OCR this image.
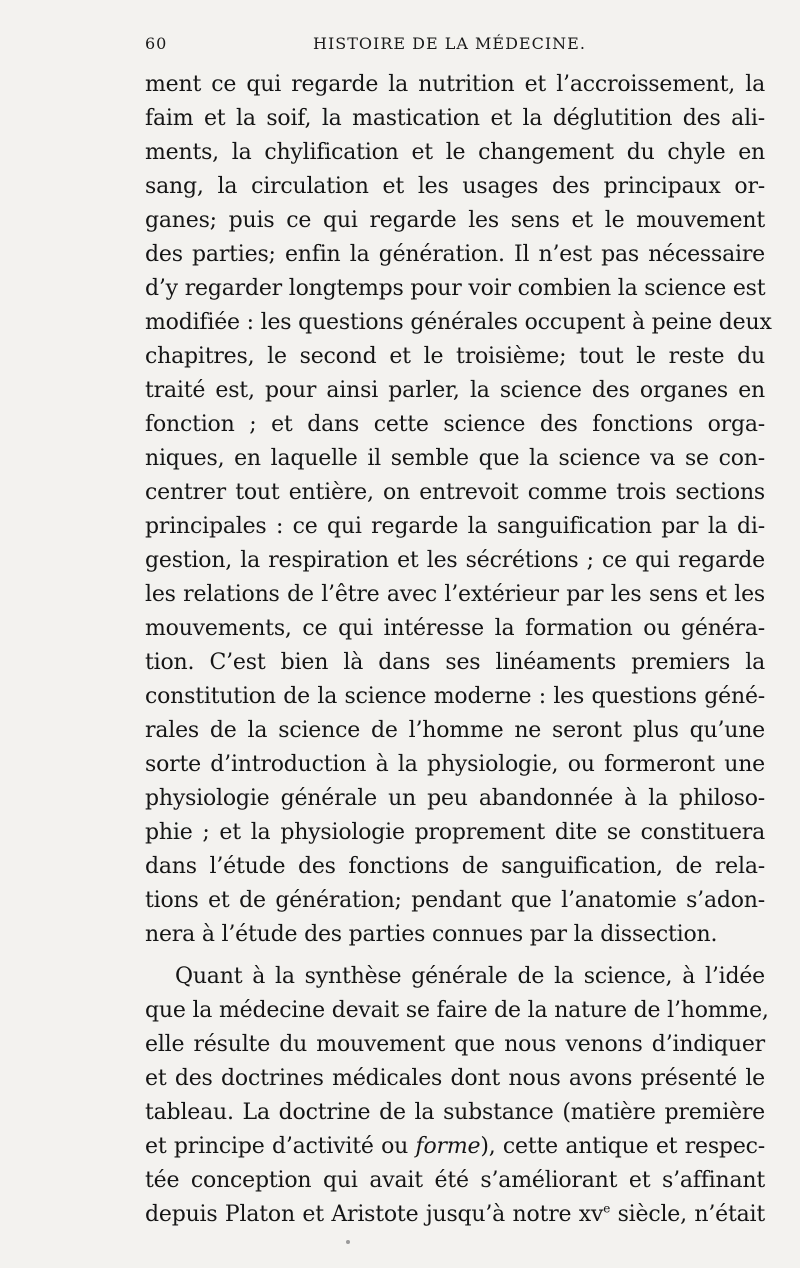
60	HISTOIRE DE LA MÉDECINE.
ment ce qui regarde la nutrition et l’accroissement, la
faim et la soif, la mastication et la déglutition des ali-
ments, la chylification et le changement du chyle en
sang, la circulation et les usages des principaux or-
ganes; puis ce qui regarde les sens et le mouvement
des parties; enfin la génération. Il n’est pas nécessaire
d’y regarder longtemps pour voir combien la science est
modifiée : les questions générales occupent à peine deux
chapitres, le second et le troisième; tout le reste du
traité est, pour ainsi parler, la science des organes en
fonction ; et dans cette science des fonctions orga-
niques, en laquelle il semble que la science va se con-
centrer tout entière, on entrevoit comme trois sections
principales : ce qui regarde la sanguification par la di-
gestion, la respiration et les sécrétions ; ce qui regarde
les relations de l’être avec l’extérieur par les sens et les
mouvements, ce qui intéresse la formation ou généra-
tion. C’est bien là dans ses linéaments premiers la
constitution de la science moderne : les questions géné-
rales de la science de l’homme ne seront plus qu’une
sorte d’introduction à la physiologie, ou formeront une
physiologie générale un peu abandonnée à la philoso-
phie ; et la physiologie proprement dite se constituera
dans l’étude des fonctions de sanguification, de rela-
tions et de génération; pendant que l’anatomie s’adon-
nera à l’étude des parties connues par la dissection.
Quant à la synthèse générale de la science, à l’idée
que la médecine devait se faire de la nature de l’homme,
elle résulte du mouvement que nous venons d’indiquer
et des doctrines médicales dont nous avons présenté le
tableau. La doctrine de la substance (matière première
et principe d’activité ou forme), cette antique et respec-
tée conception qui avait été s’améliorant et s’affinant
depuis Platon et Aristote jusqu’à notre $xv^e$ siècle, n’était
